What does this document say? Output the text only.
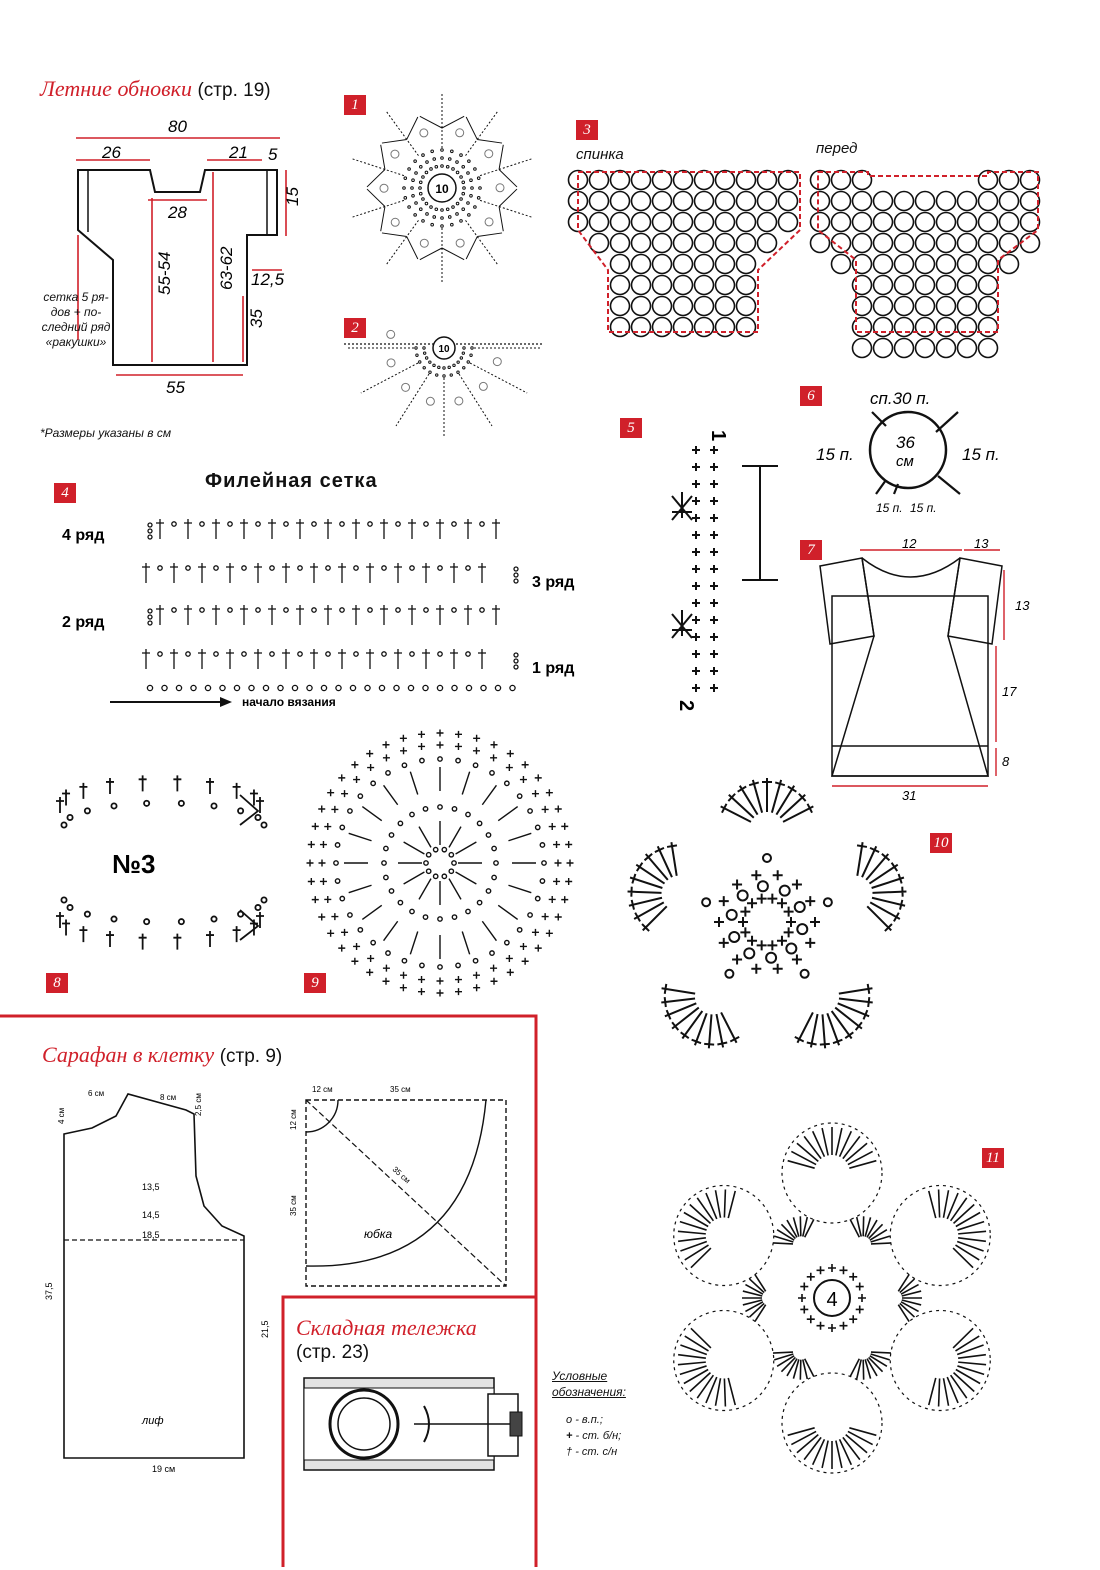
Летние обновки (стр. 19)
80
26	21 5
28
15
55-54	63-62 12,5
35
55
сетка 5 ря-
дов + по-
следний ряд
«ракушки»
*Размеры указаны в см
1
2
3
4
5
6
7
8	9
10
11
10
10
спинка	перед
Филейная сетка
4 ряд
3 ряд
2 ряд
1 ряд
начало вязания
1
2
сп.30 п.
36
см
15 п.	15 п.
15 п. 15 п.
12	13
13
17
8
31
№3
4
Сарафан в клетку (стр. 9)
6 см	8 см 2,5 см
4 см
13,5
14,5
18,5
37,5
21,5
лиф
19 см
12 см	35 см
12 см
35 см
35 см
юбка
Складная тележка
(стр. 23)
Условные
обозначения:
o - в.п.;
+ - ст. б/н;
† - ст. с/н
